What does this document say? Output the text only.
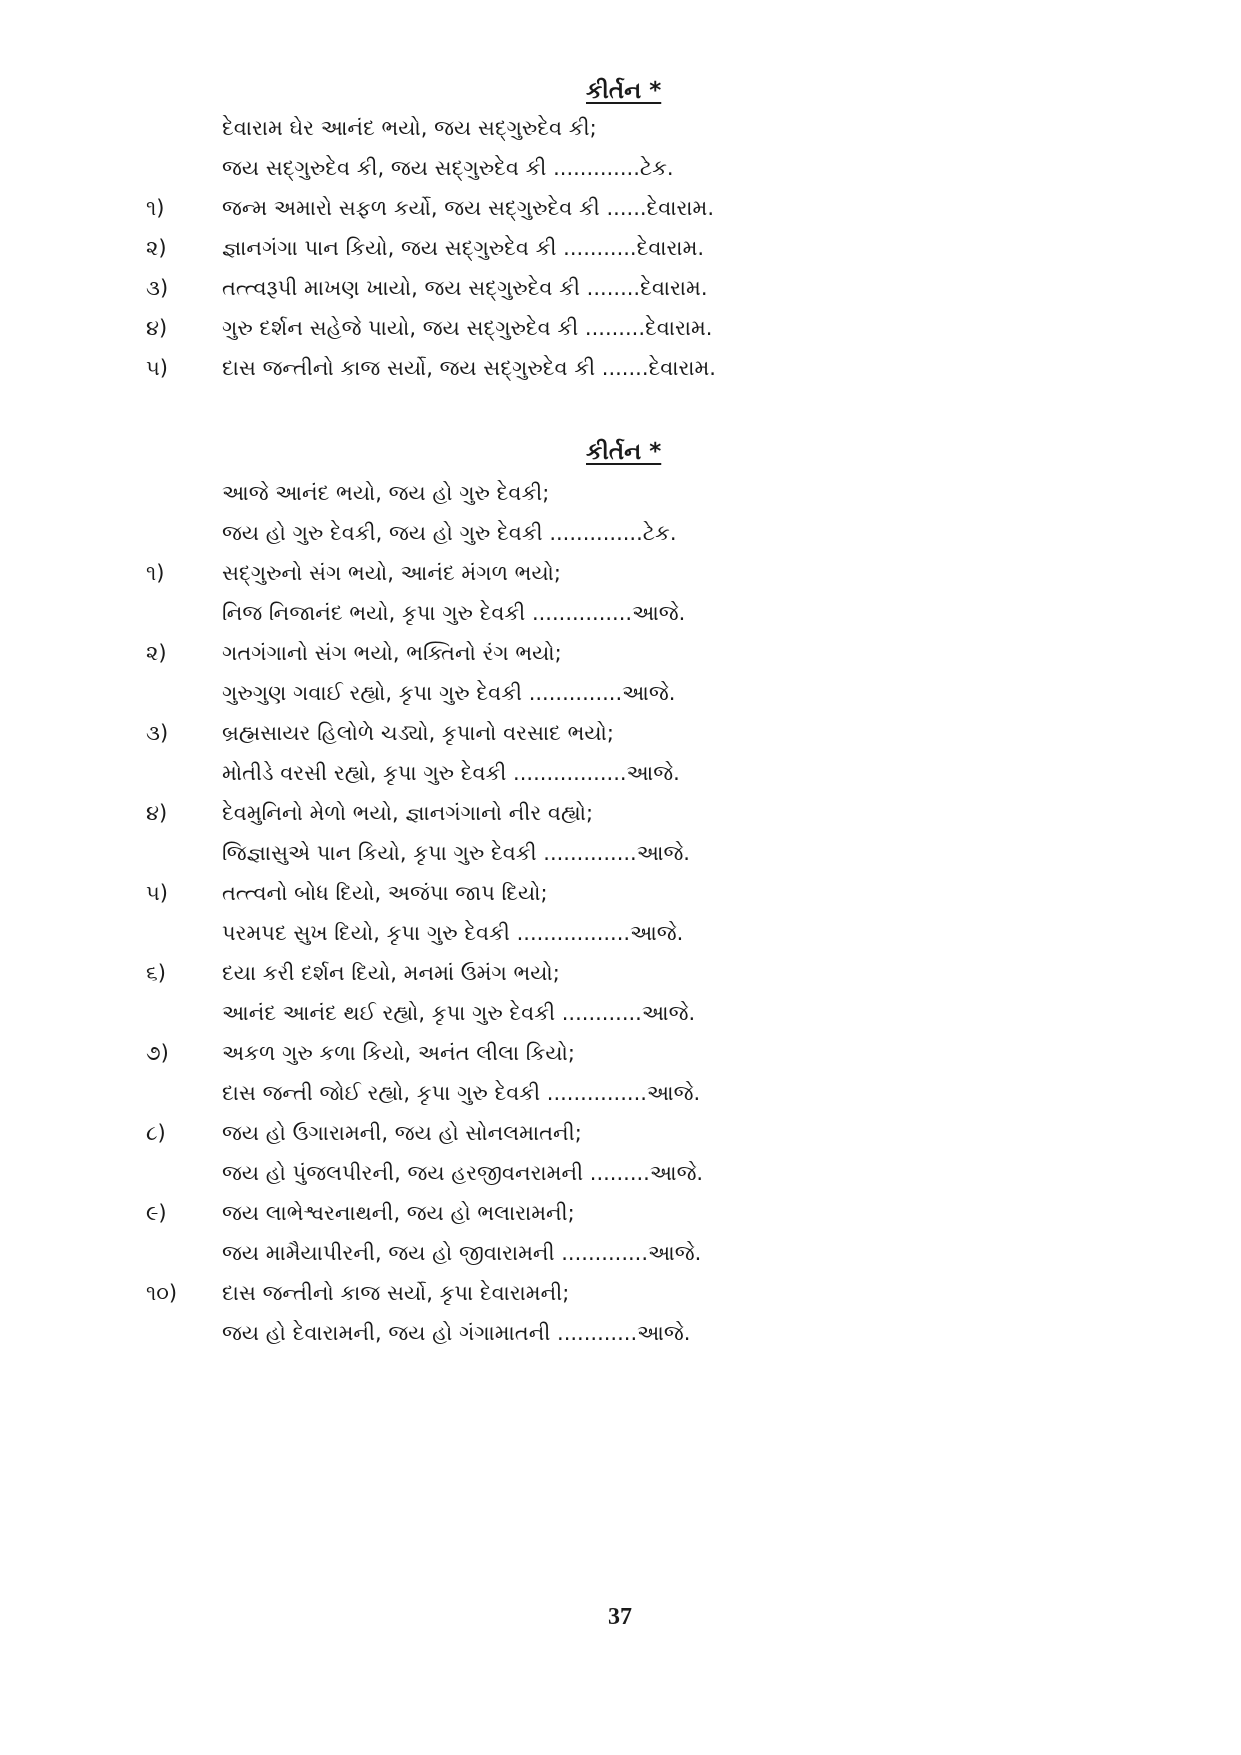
કીર્તન *
દેવારામ ઘેર આનંદ ભયો, જય સદ્‌ગુરુદેવ કી;
જય સદ્‌ગુરુદેવ કી, જય સદ્‌ગુરુદેવ કી .............ટેક.
૧)	જન્મ અમારો સફળ કર્યો, જય સદ્‌ગુરુદેવ કી ......દેવારામ.
૨)	જ્ઞાનગંગા પાન કિયો, જય સદ્‌ગુરુદેવ કી ...........દેવારામ.
૩)	તત્ત્વરૂપી માખણ ખાયો, જય સદ્‌ગુરુદેવ કી ........દેવારામ.
૪)	ગુરુ દર્શન સહેજે પાયો, જય સદ્‌ગુરુદેવ કી .........દેવારામ.
૫)	દાસ જન્તીનો કાજ સર્યો, જય સદ્‌ગુરુદેવ કી .......દેવારામ.
કીર્તન *
આજે આનંદ ભયો, જય હો ગુરુ દેવકી;
જય હો ગુરુ દેવકી, જય હો ગુરુ દેવકી ..............ટેક.
૧)	સદ્‌ગુરુનો સંગ ભયો, આનંદ મંગળ ભયો;
નિજ નિજાનંદ ભયો, કૃપા ગુરુ દેવકી ...............આજે.
૨)	ગતગંગાનો સંગ ભયો, ભક્તિનો રંગ ભયો;
ગુરુગુણ ગવાઈ રહ્યો, કૃપા ગુરુ દેવકી ..............આજે.
૩)	બ્રહ્મસાયર હિલોળે ચડ્યો, કૃપાનો વરસાદ ભયો;
મોતીડે વરસી રહ્યો, કૃપા ગુરુ દેવકી .................આજે.
૪)	દેવમુનિનો મેળો ભયો, જ્ઞાનગંગાનો નીર વહ્યો;
જિજ્ઞાસુએ પાન કિયો, કૃપા ગુરુ દેવકી ..............આજે.
૫)	તત્ત્વનો બોધ દિયો, અજંપા જાપ દિયો;
પરમપદ સુખ દિયો, કૃપા ગુરુ દેવકી .................આજે.
૬)	દયા કરી દર્શન દિયો, મનમાં ઉમંગ ભયો;
આનંદ આનંદ થઈ રહ્યો, કૃપા ગુરુ દેવકી ............આજે.
૭)	અકળ ગુરુ કળા કિયો, અનંત લીલા કિયો;
દાસ જન્તી જોઈ રહ્યો, કૃપા ગુરુ દેવકી ...............આજે.
૮)	જય હો ઉગારામની, જય હો સોનલમાતની;
જય હો પુંજલપીરની, જય હરજીવનરામની .........આજે.
૯)	જય લાભેશ્વરનાથની, જય હો ભલારામની;
જય મામૈયાપીરની, જય હો જીવારામની .............આજે.
૧૦) દાસ જન્તીનો કાજ સર્યો, કૃપા દેવારામની;
જય હો દેવારામની, જય હો ગંગામાતની ............આજે.
37
